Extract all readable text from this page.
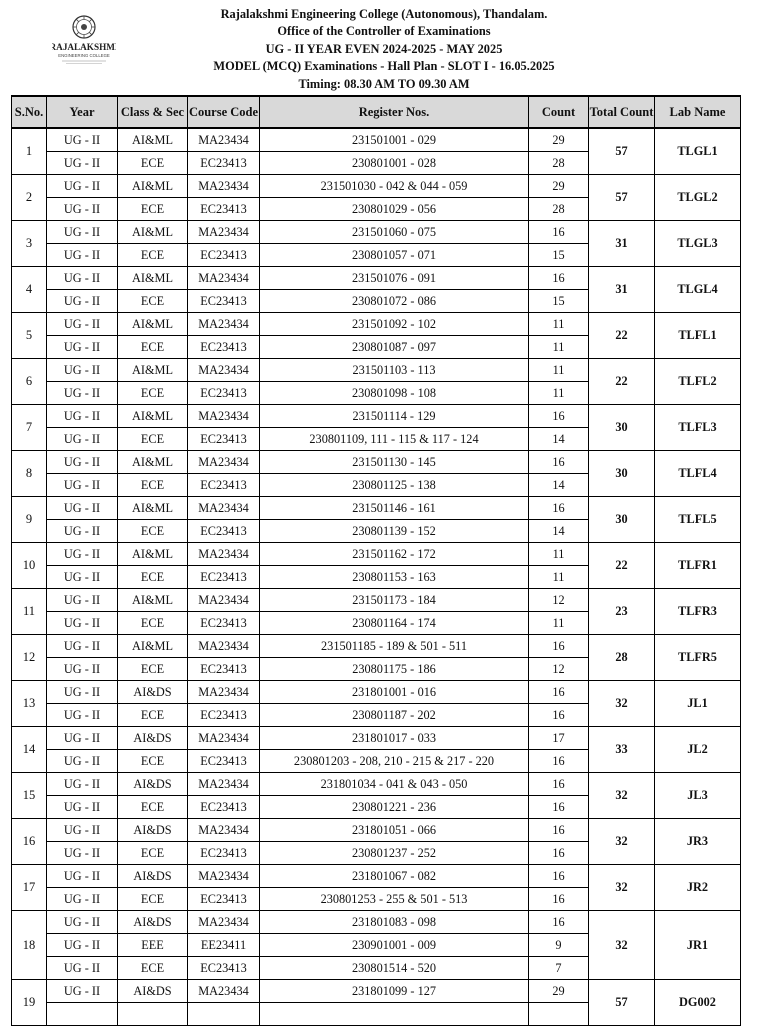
RAJALAKSHMI
ENGINEERING COLLEGE
Rajalakshmi Engineering College (Autonomous), Thandalam.
Office of the Controller of Examinations
UG - II YEAR EVEN 2024-2025 - MAY 2025
MODEL (MCQ) Examinations - Hall Plan - SLOT I - 16.05.2025
Timing: 08.30 AM TO 09.30 AM
S.No.	Year	Class & Sec	Course Code	Register Nos.	Count	Total Count	Lab Name
1	UG - II	AI&ML	MA23434	231501001 - 029	29	57	TLGL1
	UG - II	ECE	EC23413	230801001 - 028	28		
2	UG - II	AI&ML	MA23434	231501030 - 042 & 044 - 059	29	57	TLGL2
	UG - II	ECE	EC23413	230801029 - 056	28		
3	UG - II	AI&ML	MA23434	231501060 - 075	16	31	TLGL3
	UG - II	ECE	EC23413	230801057 - 071	15		
4	UG - II	AI&ML	MA23434	231501076 - 091	16	31	TLGL4
	UG - II	ECE	EC23413	230801072 - 086	15		
5	UG - II	AI&ML	MA23434	231501092 - 102	11	22	TLFL1
	UG - II	ECE	EC23413	230801087 - 097	11		
6	UG - II	AI&ML	MA23434	231501103 - 113	11	22	TLFL2
	UG - II	ECE	EC23413	230801098 - 108	11		
7	UG - II	AI&ML	MA23434	231501114 - 129	16	30	TLFL3
	UG - II	ECE	EC23413	230801109, 111 - 115 & 117 - 124	14		
8	UG - II	AI&ML	MA23434	231501130 - 145	16	30	TLFL4
	UG - II	ECE	EC23413	230801125 - 138	14		
9	UG - II	AI&ML	MA23434	231501146 - 161	16	30	TLFL5
	UG - II	ECE	EC23413	230801139 - 152	14		
10	UG - II	AI&ML	MA23434	231501162 - 172	11	22	TLFR1
	UG - II	ECE	EC23413	230801153 - 163	11		
11	UG - II	AI&ML	MA23434	231501173 - 184	12	23	TLFR3
	UG - II	ECE	EC23413	230801164 - 174	11		
12	UG - II	AI&ML	MA23434	231501185 - 189 & 501 - 511	16	28	TLFR5
	UG - II	ECE	EC23413	230801175 - 186	12		
13	UG - II	AI&DS	MA23434	231801001 - 016	16	32	JL1
	UG - II	ECE	EC23413	230801187 - 202	16		
14	UG - II	AI&DS	MA23434	231801017 - 033	17	33	JL2
	UG - II	ECE	EC23413	230801203 - 208, 210 - 215 & 217 - 220	16		
15	UG - II	AI&DS	MA23434	231801034 - 041 & 043 - 050	16	32	JL3
	UG - II	ECE	EC23413	230801221 - 236	16		
16	UG - II	AI&DS	MA23434	231801051 - 066	16	32	JR3
	UG - II	ECE	EC23413	230801237 - 252	16		
17	UG - II	AI&DS	MA23434	231801067 - 082	16	32	JR2
	UG - II	ECE	EC23413	230801253 - 255 & 501 - 513	16		
18	UG - II	AI&DS	MA23434	231801083 - 098	16	32	JR1
	UG - II	EEE	EE23411	230901001 - 009	9		
	UG - II	ECE	EC23413	230801514 - 520	7		
19	UG - II	AI&DS	MA23434	231801099 - 127	29	57	DG002
